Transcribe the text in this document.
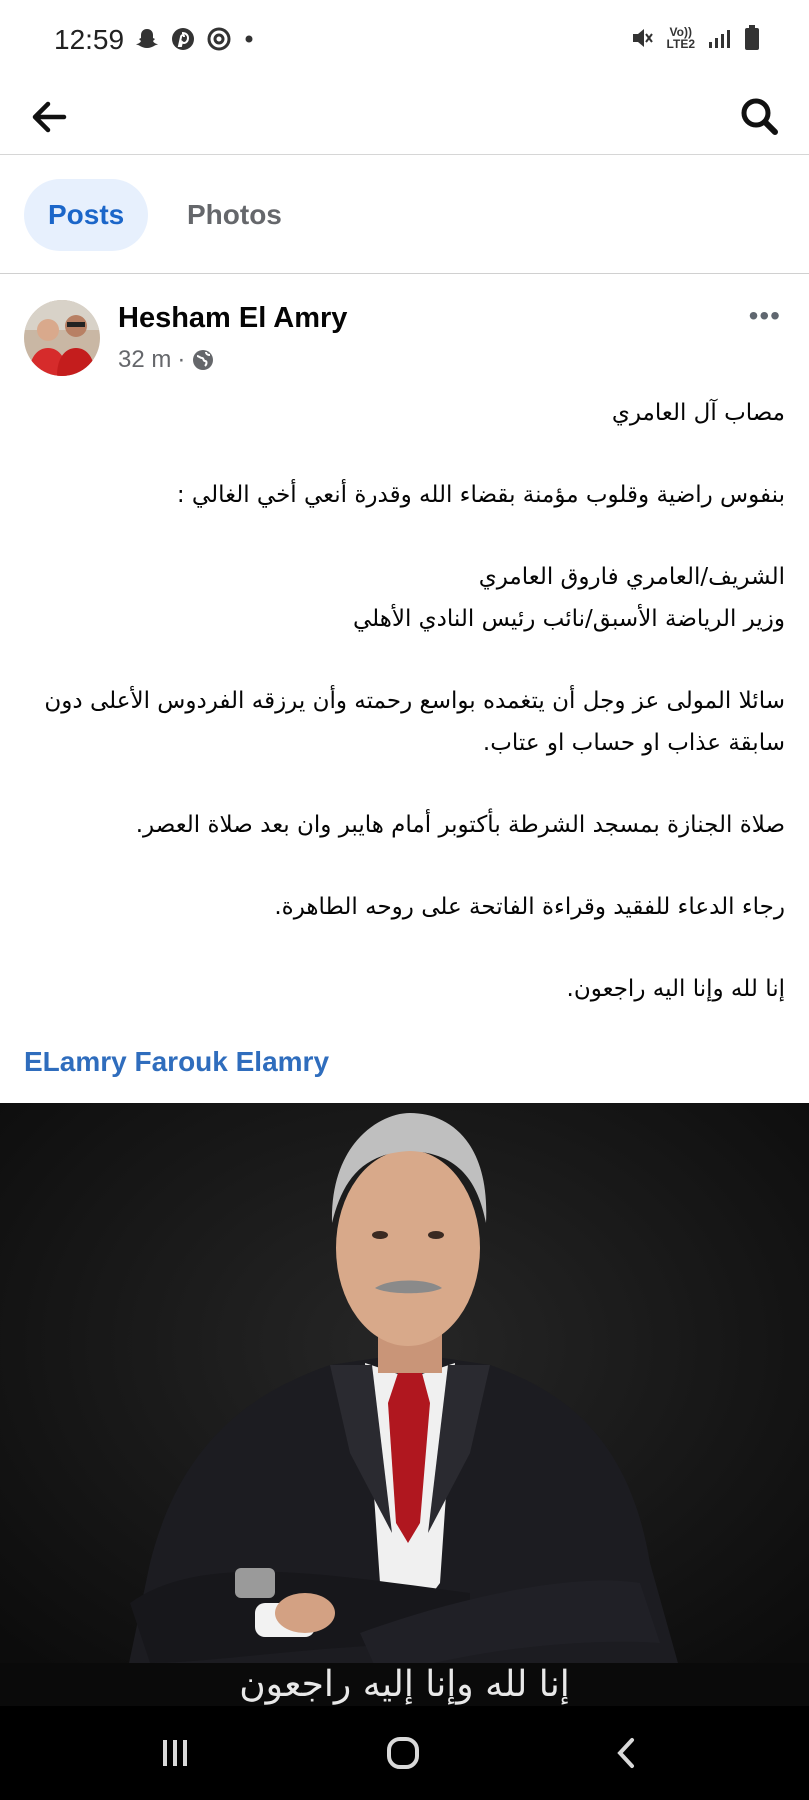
12:59	Vo))
LTE2
Posts	Photos
Hesham El Amry
32 m ·
•••

مصاب آل العامري

بنفوس راضية وقلوب مؤمنة بقضاء الله وقدرة أنعي أخي الغالي :

الشريف/العامري فاروق العامري
وزير الرياضة الأسبق/نائب رئيس النادي الأهلي

سائلا المولى عز وجل أن يتغمده بواسع رحمته وأن يرزقه الفردوس الأعلى دون سابقة عذاب او حساب او عتاب.

صلاة الجنازة بمسجد الشرطة بأكتوبر أمام هايبر وان بعد صلاة العصر.

رجاء الدعاء للفقيد وقراءة الفاتحة على روحه الطاهرة.

إنا لله وإنا اليه راجعون.

ELamry Farouk Elamry
إنا لله وإنا إليه راجعون
